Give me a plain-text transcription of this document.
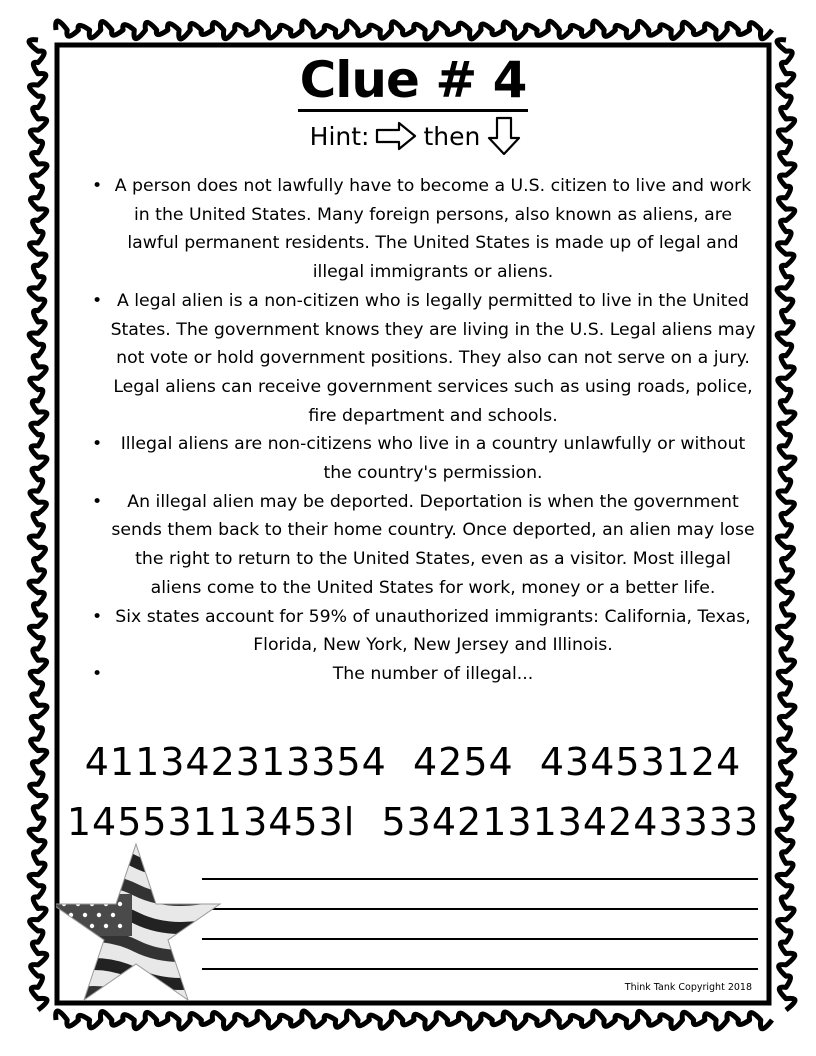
Clue # 4
Hint: then
• A person does not lawfully have to become a U.S. citizen to live and work in the United States. Many foreign persons, also known as aliens, are lawful permanent residents. The United States is made up of legal and illegal immigrants or aliens.
• A legal alien is a non-citizen who is legally permitted to live in the United States. The government knows they are living in the U.S. Legal aliens may not vote or hold government positions. They also can not serve on a jury. Legal aliens can receive government services such as using roads, police, fire department and schools.
• Illegal aliens are non-citizens who live in a country unlawfully or without the country's permission.
• An illegal alien may be deported. Deportation is when the government sends them back to their home country. Once deported, an alien may lose the right to return to the United States, even as a visitor. Most illegal aliens come to the United States for work, money or a better life.
• Six states account for 59% of unauthorized immigrants: California, Texas, Florida, New York, New Jersey and Illinois.
•	The number of illegal...
411342313354  4254  43453124
14553113453l  534213134243333
Think Tank Copyright 2018
